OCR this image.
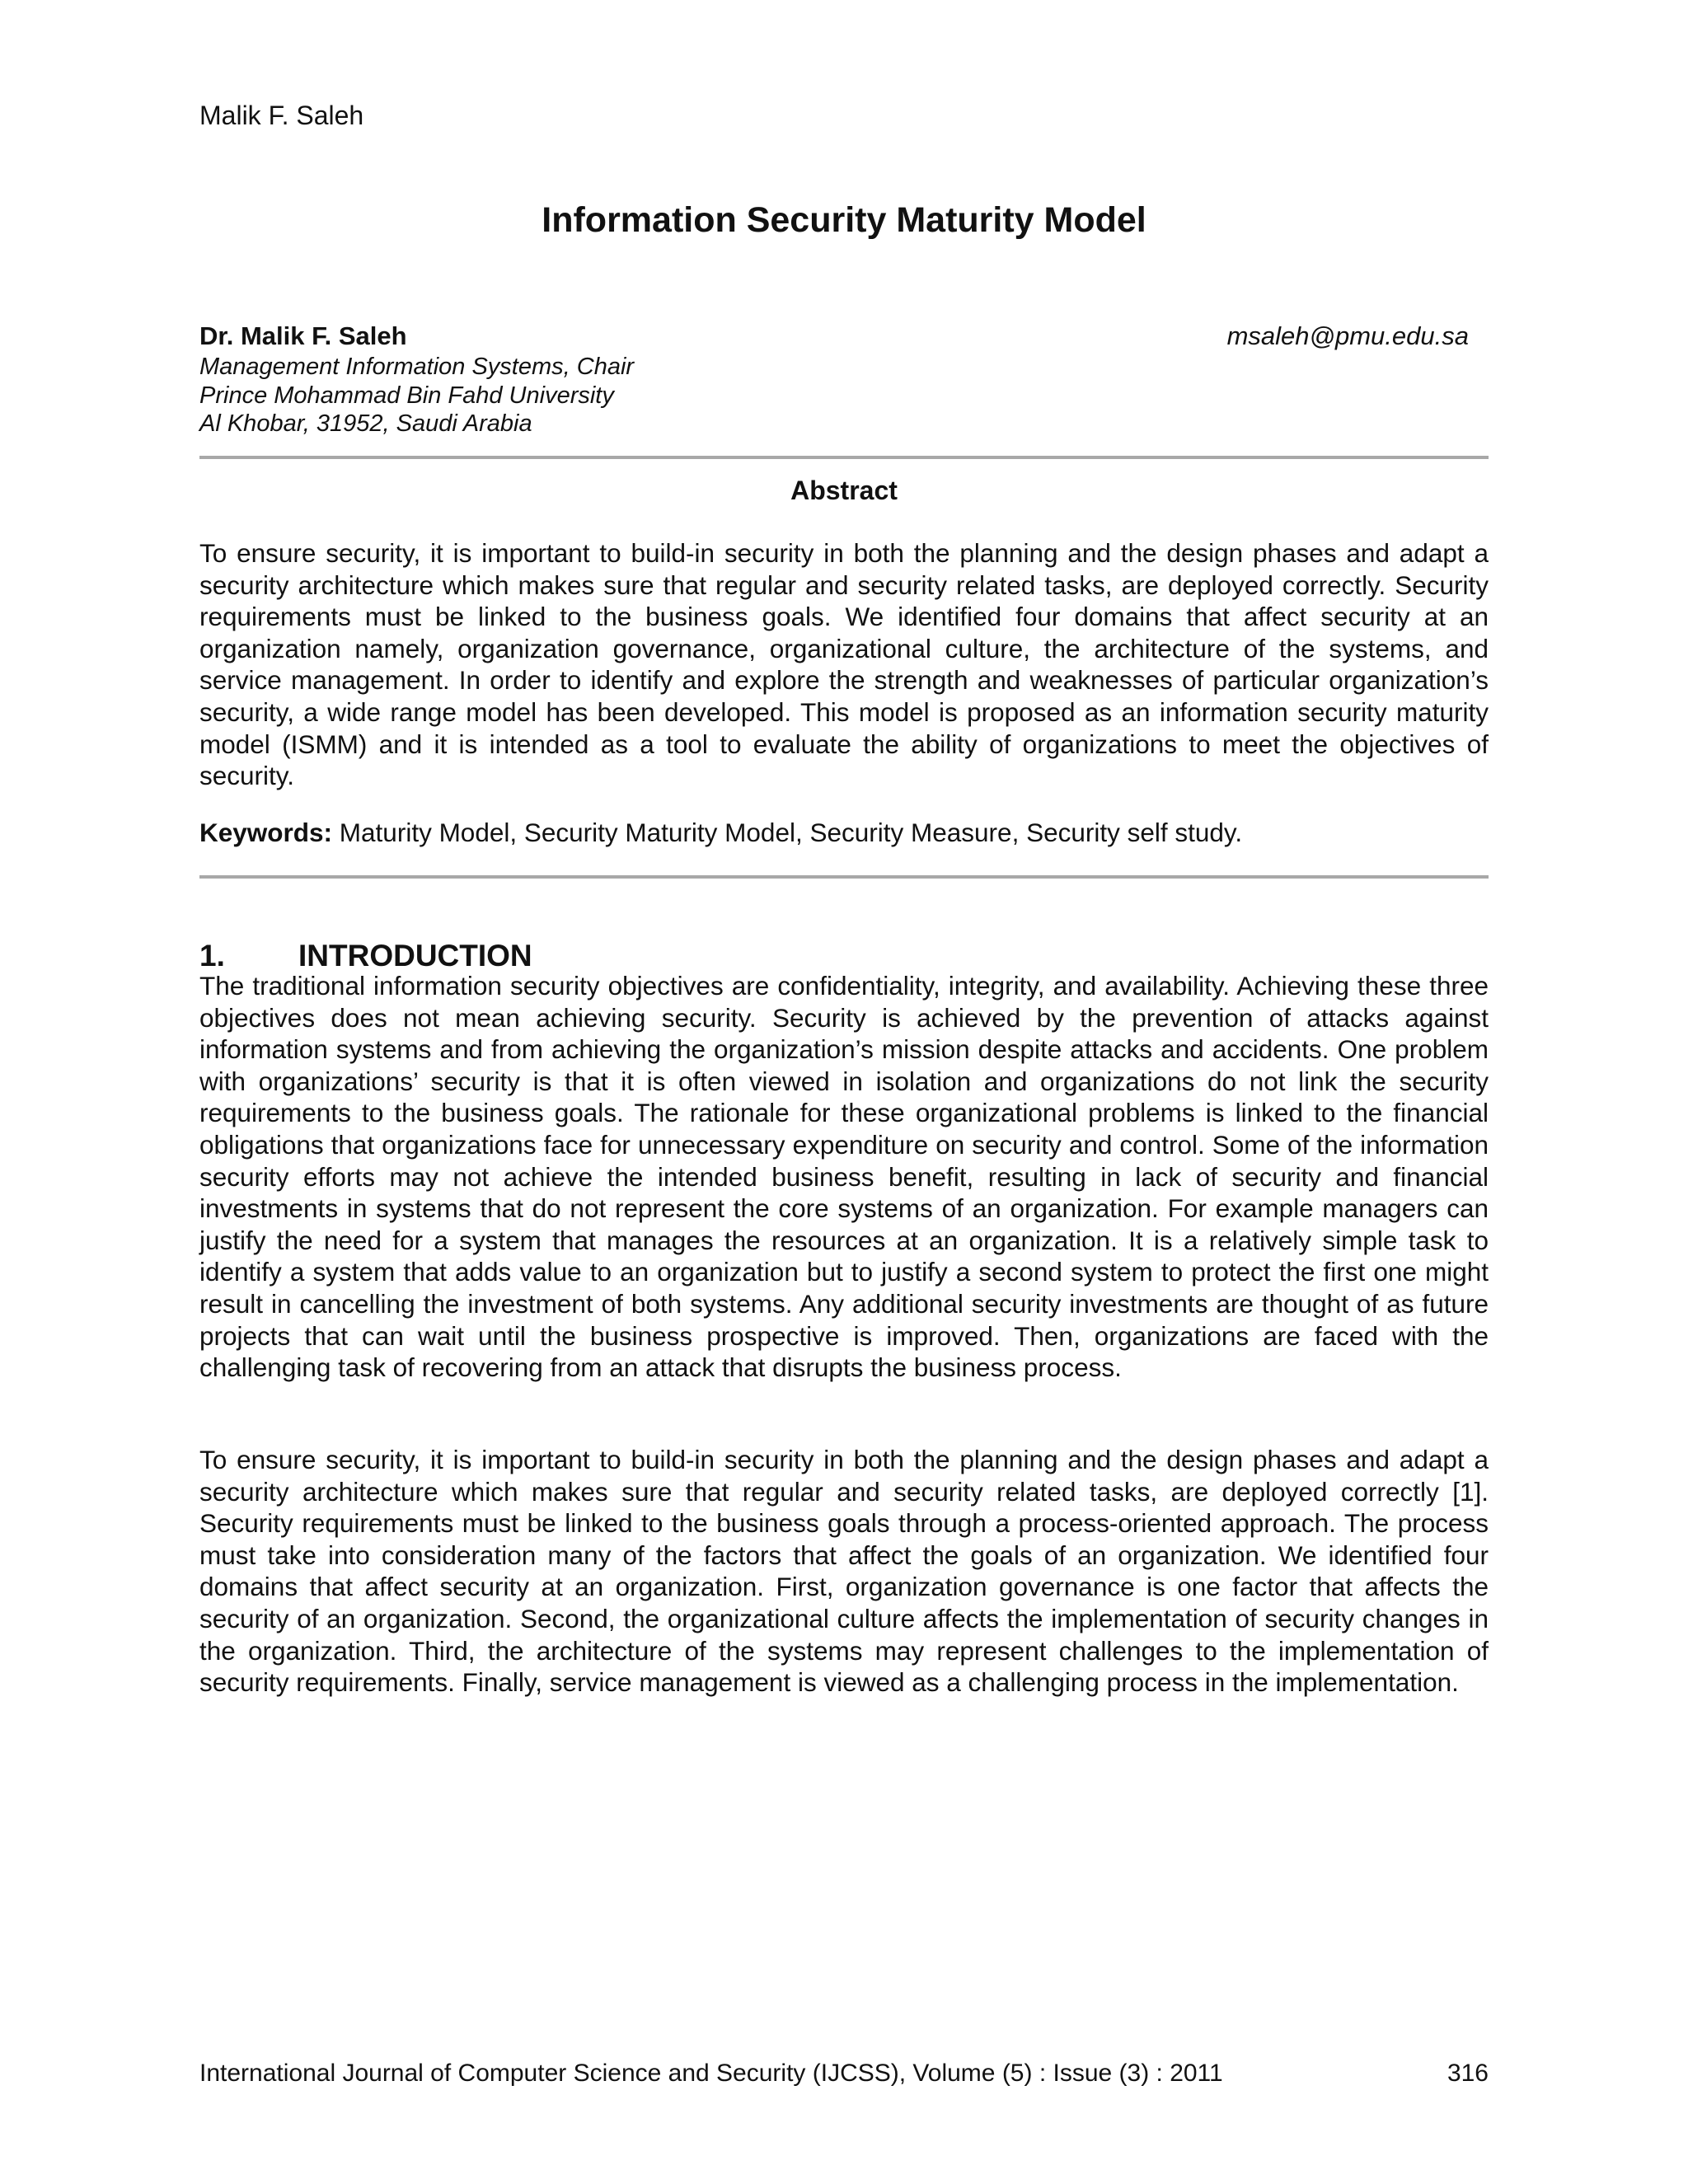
Malik F. Saleh
Information Security Maturity Model
Dr. Malik F. Saleh	msaleh@pmu.edu.sa
Management Information Systems, Chair
Prince Mohammad Bin Fahd University
Al Khobar, 31952, Saudi Arabia
Abstract

To ensure security, it is important to build-in security in both the planning and the design phases and adapt a security architecture which makes sure that regular and security related tasks, are deployed correctly. Security requirements must be linked to the business goals. We identified four domains that affect security at an organization namely, organization governance, organizational culture, the architecture of the systems, and service management. In order to identify and explore the strength and weaknesses of particular organization’s security, a wide range model has been developed. This model is proposed as an information security maturity model (ISMM) and it is intended as a tool to evaluate the ability of organizations to meet the objectives of security.

Keywords: Maturity Model, Security Maturity Model, Security Measure, Security self study.

1.	INTRODUCTION

The traditional information security objectives are confidentiality, integrity, and availability. Achieving these three objectives does not mean achieving security. Security is achieved by the prevention of attacks against information systems and from achieving the organization’s mission despite attacks and accidents. One problem with organizations’ security is that it is often viewed in isolation and organizations do not link the security requirements to the business goals. The rationale for these organizational problems is linked to the financial obligations that organizations face for unnecessary expenditure on security and control. Some of the information security efforts may not achieve the intended business benefit, resulting in lack of security and financial investments in systems that do not represent the core systems of an organization. For example managers can justify the need for a system that manages the resources at an organization. It is a relatively simple task to identify a system that adds value to an organization but to justify a second system to protect the first one might result in cancelling the investment of both systems. Any additional security investments are thought of as future projects that can wait until the business prospective is improved. Then, organizations are faced with the challenging task of recovering from an attack that disrupts the business process.

To ensure security, it is important to build-in security in both the planning and the design phases and adapt a security architecture which makes sure that regular and security related tasks, are deployed correctly [1]. Security requirements must be linked to the business goals through a process-oriented approach. The process must take into consideration many of the factors that affect the goals of an organization. We identified four domains that affect security at an organization. First, organization governance is one factor that affects the security of an organization. Second, the organizational culture affects the implementation of security changes in the organization. Third, the architecture of the systems may represent challenges to the implementation of security requirements. Finally, service management is viewed as a challenging process in the implementation.

International Journal of Computer Science and Security (IJCSS), Volume (5) : Issue (3) : 2011	316
